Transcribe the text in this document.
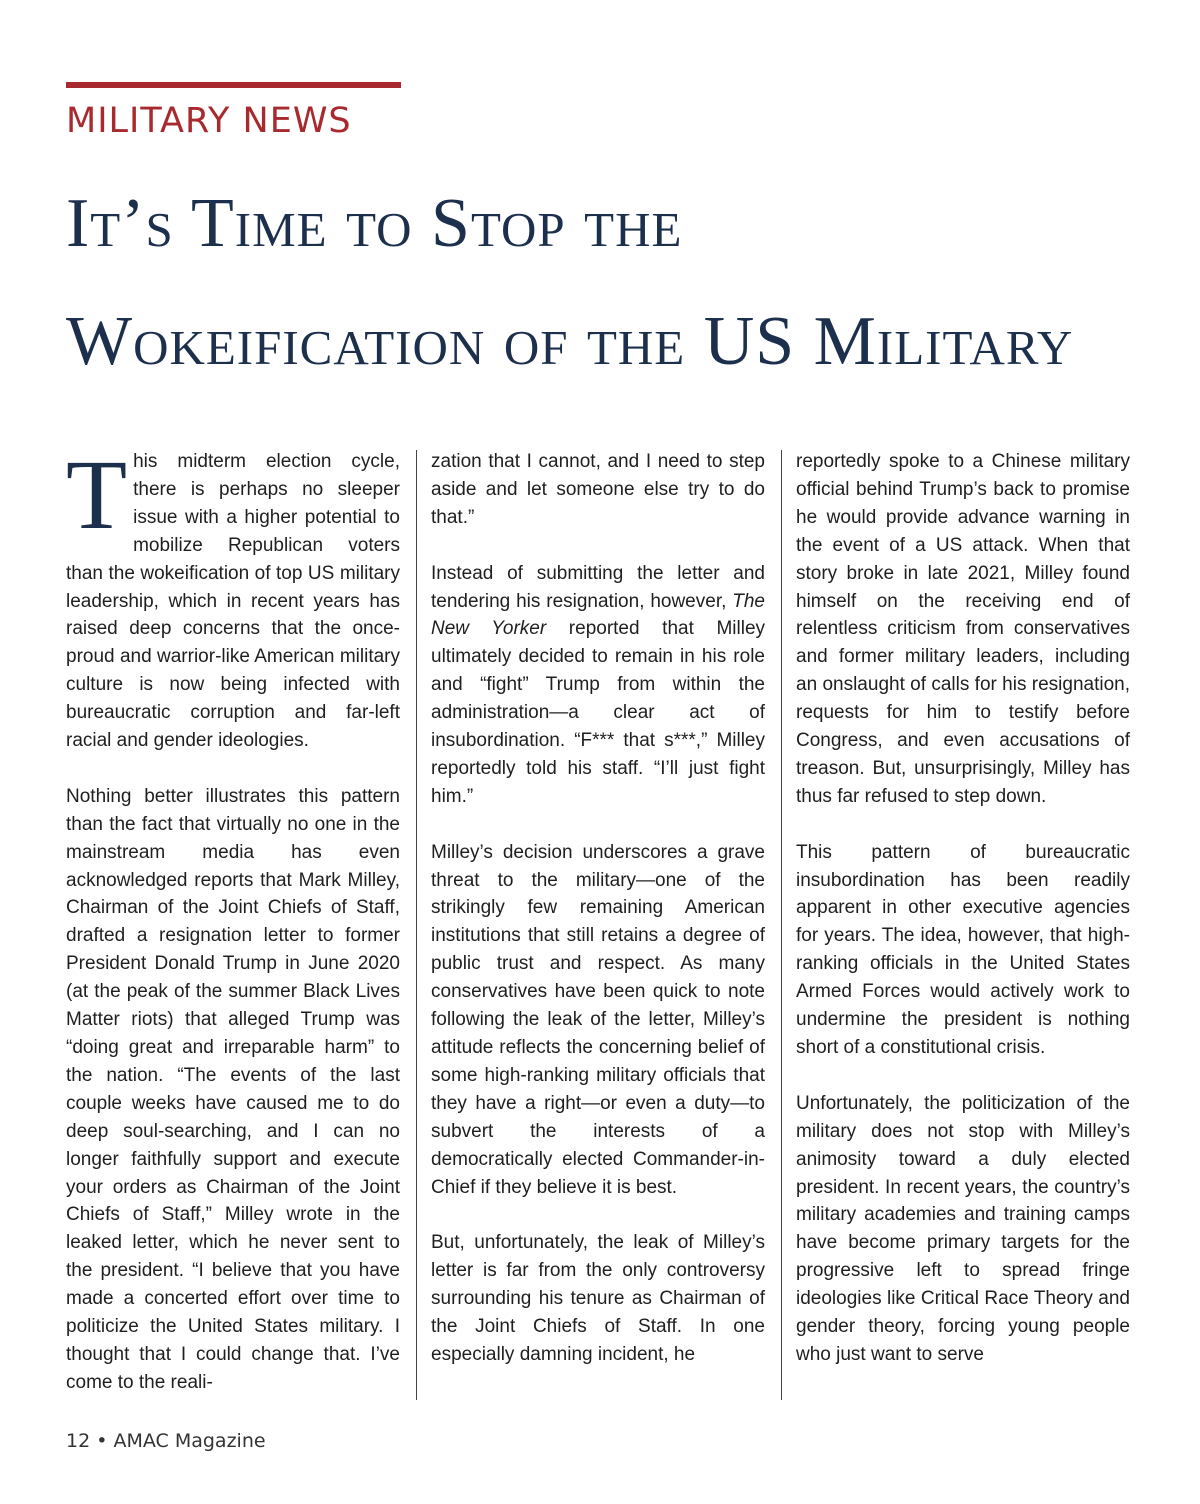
MILITARY NEWS
It’s Time to Stop the
Wokeification of the US Military

This midterm election cycle, there is perhaps no sleeper issue with a higher potential to mobilize Republican voters than the wokeification of top US military leadership, which in recent years has raised deep concerns that the once-proud and warrior-like American military culture is now being infected with bureaucratic corruption and far-left racial and gender ideologies.

Nothing better illustrates this pattern than the fact that virtually no one in the mainstream media has even acknowledged reports that Mark Milley, Chairman of the Joint Chiefs of Staff, drafted a resignation letter to former President Donald Trump in June 2020 (at the peak of the summer Black Lives Matter riots) that alleged Trump was “doing great and irreparable harm” to the nation. “The events of the last couple weeks have caused me to do deep soul-searching, and I can no longer faithfully support and execute your orders as Chairman of the Joint Chiefs of Staff,” Milley wrote in the leaked letter, which he never sent to the president. “I believe that you have made a concerted effort over time to politicize the United States military. I thought that I could change that. I’ve come to the reali-

zation that I cannot, and I need to step aside and let someone else try to do that.”

Instead of submitting the letter and tendering his resignation, however, The New Yorker reported that Milley ultimately decided to remain in his role and “fight” Trump from within the administration—a clear act of insubordination. “F*** that s***,” Milley reportedly told his staff. “I’ll just fight him.”

Milley’s decision underscores a grave threat to the military—one of the strikingly few remaining American institutions that still retains a degree of public trust and respect. As many conservatives have been quick to note following the leak of the letter, Milley’s attitude reflects the concerning belief of some high-ranking military officials that they have a right—or even a duty—to subvert the interests of a democratically elected Commander-in-Chief if they believe it is best.

But, unfortunately, the leak of Milley’s letter is far from the only controversy surrounding his tenure as Chairman of the Joint Chiefs of Staff. In one especially damning incident, he

reportedly spoke to a Chinese military official behind Trump’s back to promise he would provide advance warning in the event of a US attack. When that story broke in late 2021, Milley found himself on the receiving end of relentless criticism from conservatives and former military leaders, including an onslaught of calls for his resignation, requests for him to testify before Congress, and even accusations of treason. But, unsurprisingly, Milley has thus far refused to step down.

This pattern of bureaucratic insubordination has been readily apparent in other executive agencies for years. The idea, however, that high-ranking officials in the United States Armed Forces would actively work to undermine the president is nothing short of a constitutional crisis.

Unfortunately, the politicization of the military does not stop with Milley’s animosity toward a duly elected president. In recent years, the country’s military academies and training camps have become primary targets for the progressive left to spread fringe ideologies like Critical Race Theory and gender theory, forcing young people who just want to serve

12 • AMAC Magazine
